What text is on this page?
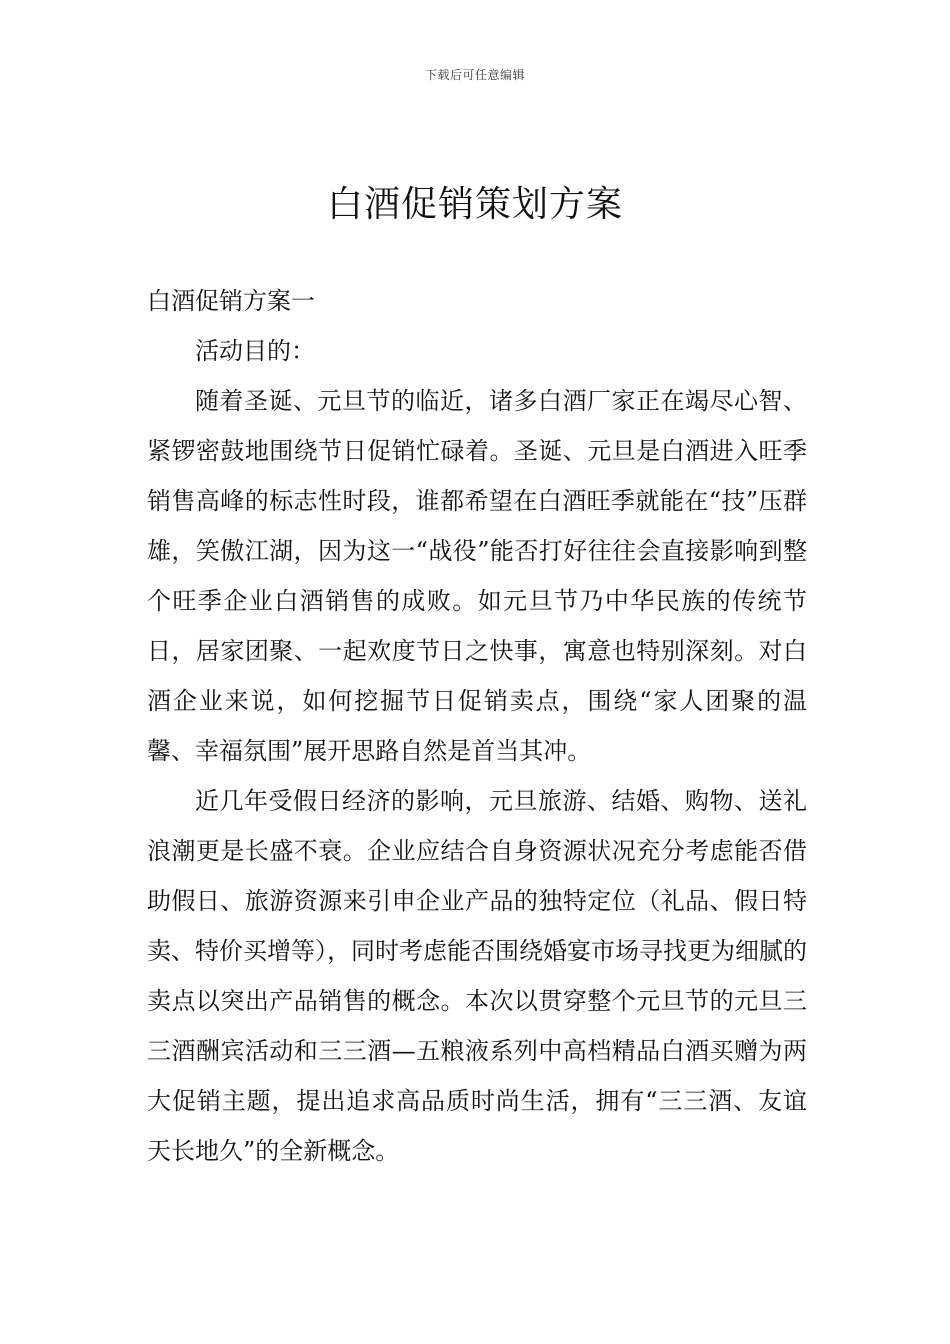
下载后可任意编辑
白酒促销策划方案

白酒促销方案一

活动目的：

随着圣诞、元旦节的临近，诸多白酒厂家正在竭尽心智、紧锣密鼓地围绕节日促销忙碌着。圣诞、元旦是白酒进入旺季销售高峰的标志性时段，谁都希望在白酒旺季就能在“技”压群雄，笑傲江湖，因为这一“战役”能否打好往往会直接影响到整个旺季企业白酒销售的成败。如元旦节乃中华民族的传统节日，居家团聚、一起欢度节日之快事，寓意也特别深刻。对白酒企业来说，如何挖掘节日促销卖点，围绕“家人团聚的温馨、幸福氛围”展开思路自然是首当其冲。

近几年受假日经济的影响，元旦旅游、结婚、购物、送礼浪潮更是长盛不衰。企业应结合自身资源状况充分考虑能否借助假日、旅游资源来引申企业产品的独特定位（礼品、假日特卖、特价买增等），同时考虑能否围绕婚宴市场寻找更为细腻的卖点以突出产品销售的概念。本次以贯穿整个元旦节的元旦三三酒酬宾活动和三三酒—五粮液系列中高档精品白酒买赠为两大促销主题，提出追求高品质时尚生活，拥有“三三酒、友谊天长地久”的全新概念。
